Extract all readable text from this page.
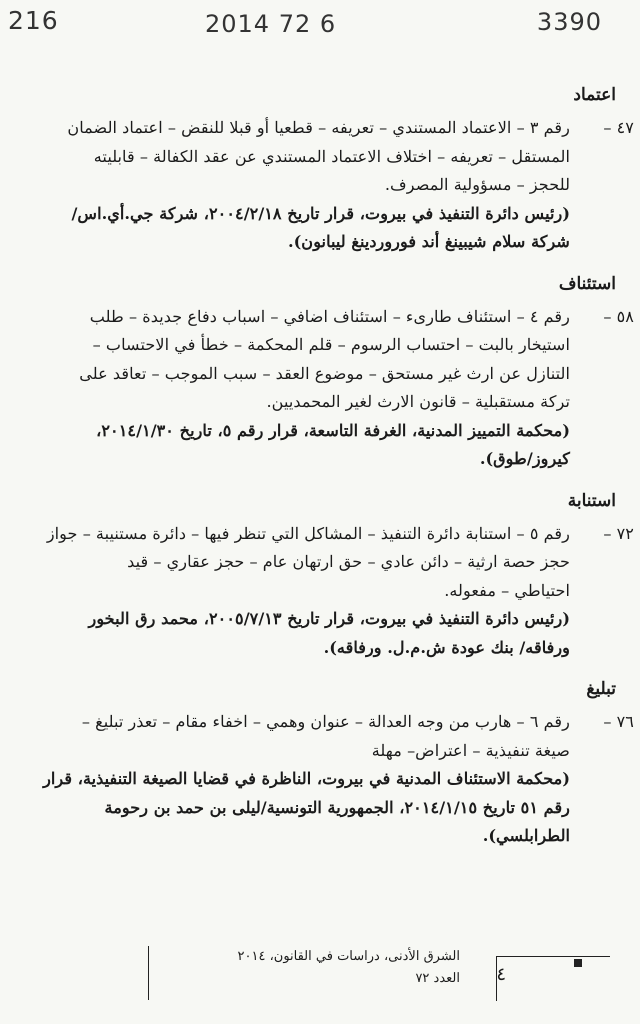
216	2014 72 6	3390
اعتماد
٤٧ –

رقم ٣ – الاعتماد المستندي – تعريفه – قطعيا أو قبلا للنقض – اعتماد الضمان

المستقل – تعريفه – اختلاف الاعتماد المستندي عن عقد الكفالة – قابليته

للحجز – مسؤولية المصرف.

(رئيس دائرة التنفيذ في بيروت، قرار تاريخ ٢٠٠٤/٢/١٨، شركة جي.أي.اس/

شركة سلام شيبينغ أند فوروردينغ ليبانون).

استئناف
٥٨ –

رقم ٤ – استئناف طارىء – استئناف اضافي – اسباب دفاع جديدة – طلب

استيخار بالبت – احتساب الرسوم – قلم المحكمة – خطأ في الاحتساب –

التنازل عن ارث غير مستحق – موضوع العقد – سبب الموجب – تعاقد على

تركة مستقبلية – قانون الارث لغير المحمديين.

(محكمة التمييز المدنية، الغرفة التاسعة، قرار رقم ٥، تاريخ ٢٠١٤/١/٣٠،

كيروز/طوق).

استنابة
٧٢ –

رقم ٥ – استنابة دائرة التنفيذ – المشاكل التي تنظر فيها – دائرة مستنيبة – جواز

حجز حصة ارثية – دائن عادي – حق ارتهان عام – حجز عقاري – قيد

احتياطي – مفعوله.

(رئيس دائرة التنفيذ في بيروت، قرار تاريخ ٢٠٠٥/٧/١٣، محمد رق البخور

ورفاقه/ بنك عودة ش.م.ل. ورفاقه).

تبليغ
٧٦ –

رقم ٦ – هارب من وجه العدالة – عنوان وهمي – اخفاء مقام – تعذر تبليغ –

صيغة تنفيذية – اعتراض– مهلة

(محكمة الاستئناف المدنية في بيروت، الناظرة في قضايا الصيغة التنفيذية، قرار

رقم ٥١ تاريخ ٢٠١٤/١/١٥، الجمهورية التونسية/ليلى بن حمد بن رحومة

الطرابلسي).

٤
الشرق الأدنى، دراسات في القانون، ٢٠١٤
العدد ٧٢
